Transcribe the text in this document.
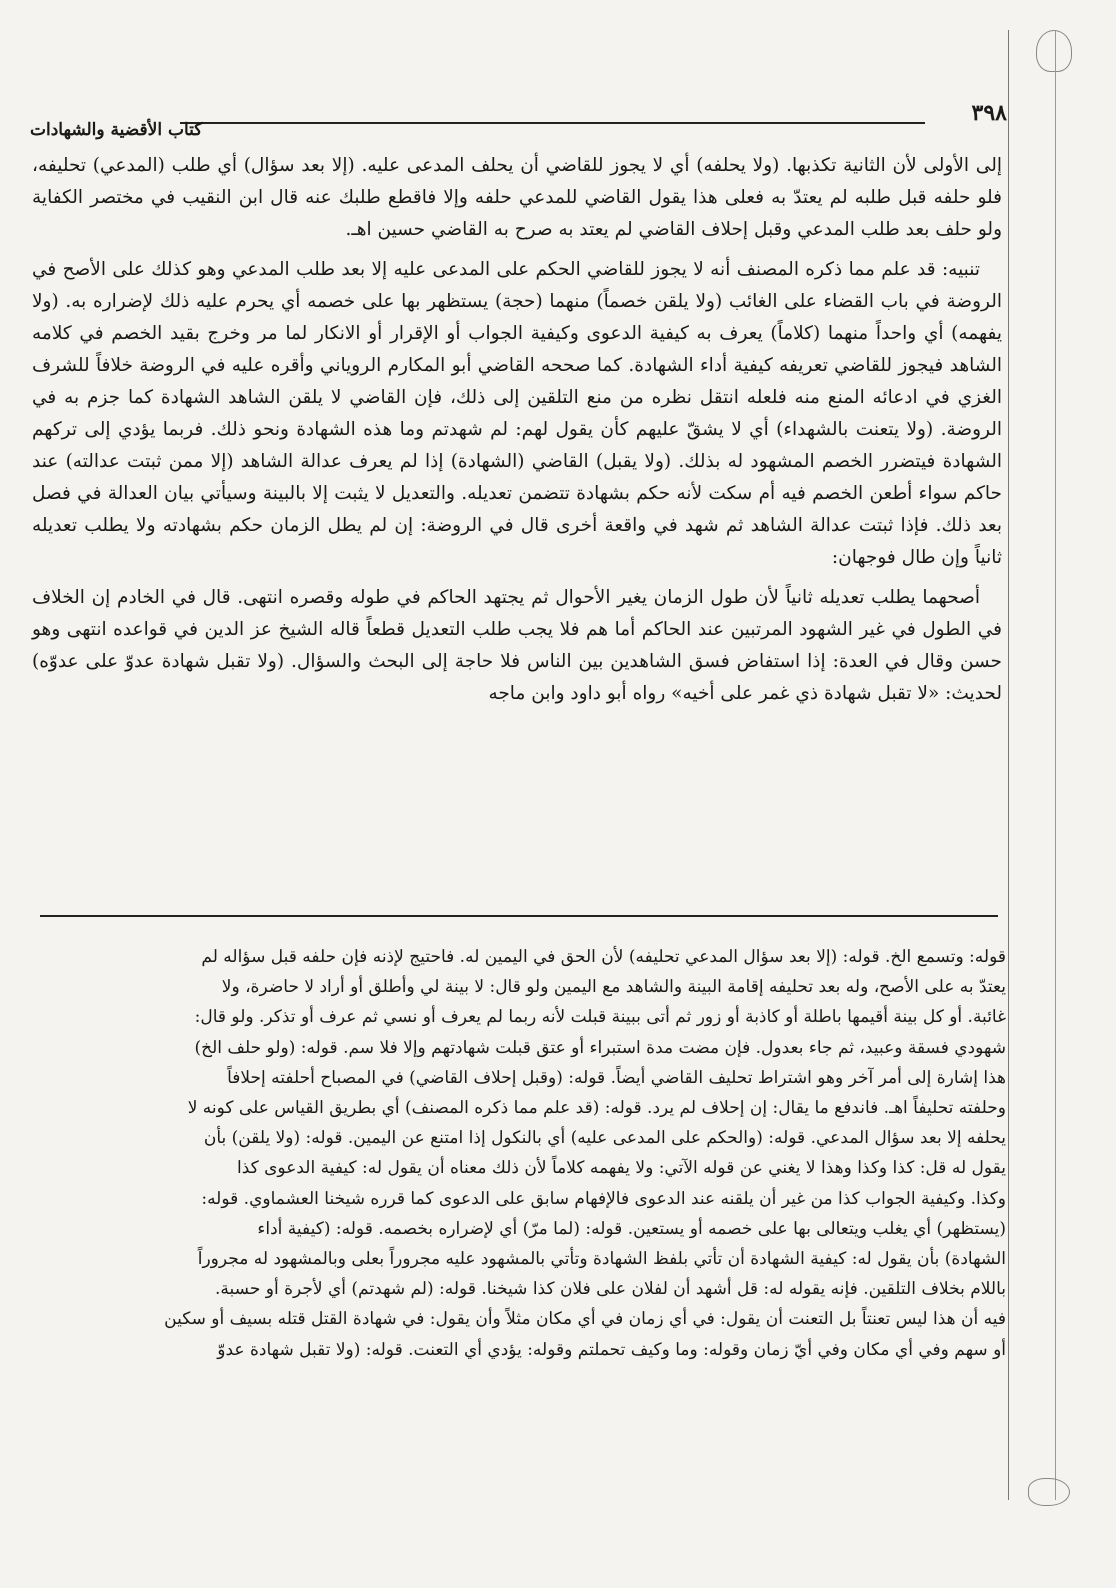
٣٩٨
كتاب الأقضية والشهادات

إلى الأولى لأن الثانية تكذبها. (ولا يحلفه) أي لا يجوز للقاضي أن يحلف المدعى عليه. (إلا بعد سؤال) أي طلب (المدعي) تحليفه، فلو حلفه قبل طلبه لم يعتدّ به فعلى هذا يقول القاضي للمدعي حلفه وإلا فاقطع طلبك عنه قال ابن النقيب في مختصر الكفاية ولو حلف بعد طلب المدعي وقبل إحلاف القاضي لم يعتد به صرح به القاضي حسين اهـ.

تنبيه: قد علم مما ذكره المصنف أنه لا يجوز للقاضي الحكم على المدعى عليه إلا بعد طلب المدعي وهو كذلك على الأصح في الروضة في باب القضاء على الغائب (ولا يلقن خصماً) منهما (حجة) يستظهر بها على خصمه أي يحرم عليه ذلك لإضراره به. (ولا يفهمه) أي واحداً منهما (كلاماً) يعرف به كيفية الدعوى وكيفية الجواب أو الإقرار أو الانكار لما مر وخرج بقيد الخصم في كلامه الشاهد فيجوز للقاضي تعريفه كيفية أداء الشهادة. كما صححه القاضي أبو المكارم الروياني وأقره عليه في الروضة خلافاً للشرف الغزي في ادعائه المنع منه فلعله انتقل نظره من منع التلقين إلى ذلك، فإن القاضي لا يلقن الشاهد الشهادة كما جزم به في الروضة. (ولا يتعنت بالشهداء) أي لا يشقّ عليهم كأن يقول لهم: لم شهدتم وما هذه الشهادة ونحو ذلك. فربما يؤدي إلى تركهم الشهادة فيتضرر الخصم المشهود له بذلك. (ولا يقبل) القاضي (الشهادة) إذا لم يعرف عدالة الشاهد (إلا ممن ثبتت عدالته) عند حاكم سواء أطعن الخصم فيه أم سكت لأنه حكم بشهادة تتضمن تعديله. والتعديل لا يثبت إلا بالبينة وسيأتي بيان العدالة في فصل بعد ذلك. فإذا ثبتت عدالة الشاهد ثم شهد في واقعة أخرى قال في الروضة: إن لم يطل الزمان حكم بشهادته ولا يطلب تعديله ثانياً وإن طال فوجهان:

أصحهما يطلب تعديله ثانياً لأن طول الزمان يغير الأحوال ثم يجتهد الحاكم في طوله وقصره انتهى. قال في الخادم إن الخلاف في الطول في غير الشهود المرتبين عند الحاكم أما هم فلا يجب طلب التعديل قطعاً قاله الشيخ عز الدين في قواعده انتهى وهو حسن وقال في العدة: إذا استفاض فسق الشاهدين بين الناس فلا حاجة إلى البحث والسؤال. (ولا تقبل شهادة عدوّ على عدوّه) لحديث: «لا تقبل شهادة ذي غمر على أخيه» رواه أبو داود وابن ماجه

قوله: وتسمع الخ. قوله: (إلا بعد سؤال المدعي تحليفه) لأن الحق في اليمين له. فاحتيج لإذنه فإن حلفه قبل سؤاله لم

يعتدّ به على الأصح، وله بعد تحليفه إقامة البينة والشاهد مع اليمين ولو قال: لا بينة لي وأطلق أو أراد لا حاضرة، ولا

غائبة. أو كل بينة أقيمها باطلة أو كاذبة أو زور ثم أتى ببينة قبلت لأنه ربما لم يعرف أو نسي ثم عرف أو تذكر. ولو قال:

شهودي فسقة وعبيد، ثم جاء بعدول. فإن مضت مدة استبراء أو عتق قبلت شهادتهم وإلا فلا سم. قوله: (ولو حلف الخ)

هذا إشارة إلى أمر آخر وهو اشتراط تحليف القاضي أيضاً. قوله: (وقبل إحلاف القاضي) في المصباح أحلفته إحلافاً

وحلفته تحليفاً اهـ. فاندفع ما يقال: إن إحلاف لم يرد. قوله: (قد علم مما ذكره المصنف) أي بطريق القياس على كونه لا

يحلفه إلا بعد سؤال المدعي. قوله: (والحكم على المدعى عليه) أي بالنكول إذا امتنع عن اليمين. قوله: (ولا يلقن) بأن

يقول له قل: كذا وكذا وهذا لا يغني عن قوله الآتي: ولا يفهمه كلاماً لأن ذلك معناه أن يقول له: كيفية الدعوى كذا

وكذا. وكيفية الجواب كذا من غير أن يلقنه عند الدعوى فالإفهام سابق على الدعوى كما قرره شيخنا العشماوي. قوله:

(يستظهر) أي يغلب ويتعالى بها على خصمه أو يستعين. قوله: (لما مرّ) أي لإضراره بخصمه. قوله: (كيفية أداء

الشهادة) بأن يقول له: كيفية الشهادة أن تأتي بلفظ الشهادة وتأتي بالمشهود عليه مجروراً بعلى وبالمشهود له مجروراً

باللام بخلاف التلقين. فإنه يقوله له: قل أشهد أن لفلان على فلان كذا شيخنا. قوله: (لم شهدتم) أي لأجرة أو حسبة.

فيه أن هذا ليس تعنتاً بل التعنت أن يقول: في أي زمان في أي مكان مثلاً وأن يقول: في شهادة القتل قتله بسيف أو سكين

أو سهم وفي أي مكان وفي أيّ زمان وقوله: وما وكيف تحملتم وقوله: يؤدي أي التعنت. قوله: (ولا تقبل شهادة عدوّ
